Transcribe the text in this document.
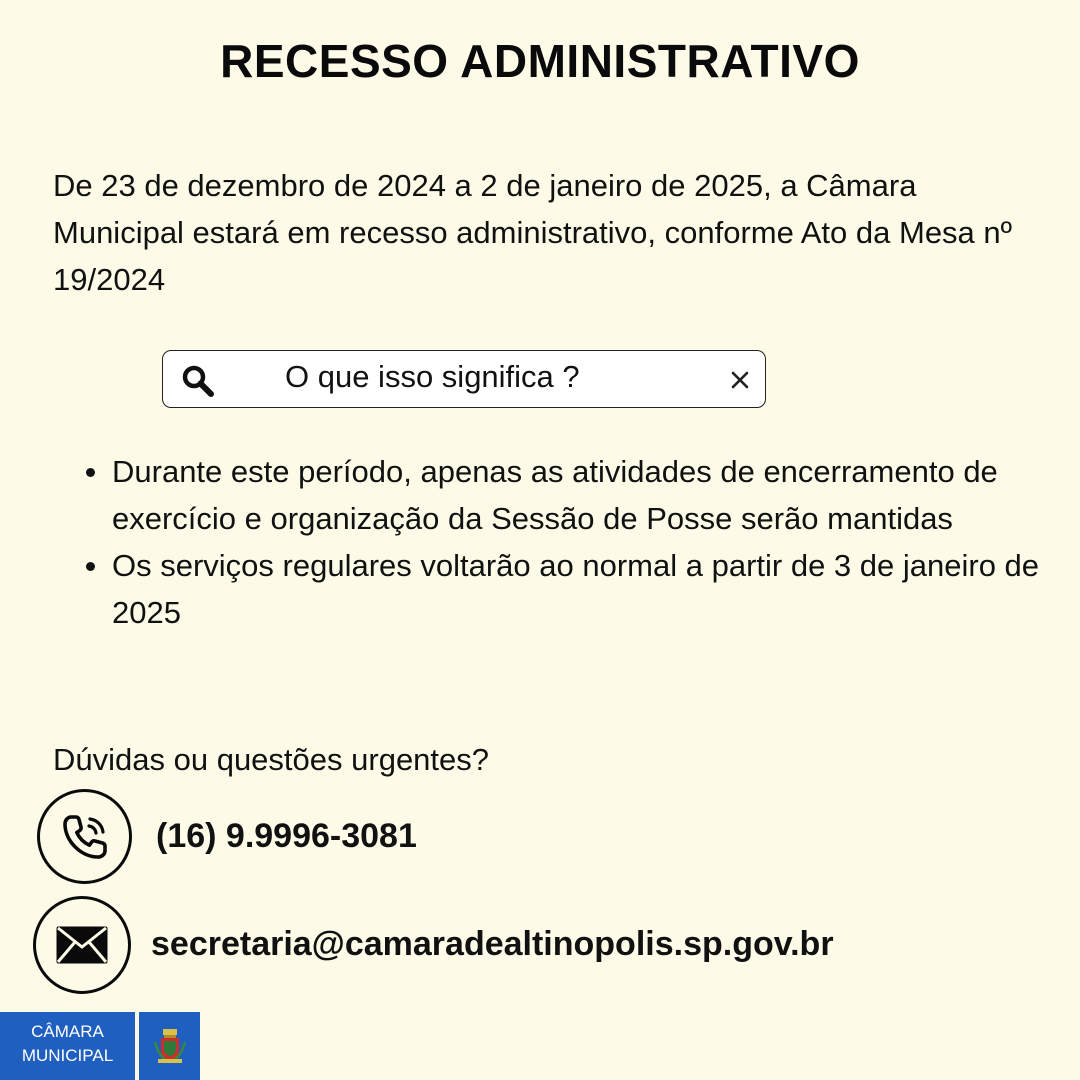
RECESSO ADMINISTRATIVO

De 23 de dezembro de 2024 a 2 de janeiro de 2025, a Câmara Municipal estará em recesso administrativo, conforme Ato da Mesa nº 19/2024

O que isso significa ?
Durante este período, apenas as atividades de encerramento de exercício e organização da Sessão de Posse serão mantidas
Os serviços regulares voltarão ao normal a partir de 3 de janeiro de 2025
Dúvidas ou questões urgentes?
(16) 9.9996-3081
secretaria@camaradealtinopolis.sp.gov.br
CÂMARA
MUNICIPAL
